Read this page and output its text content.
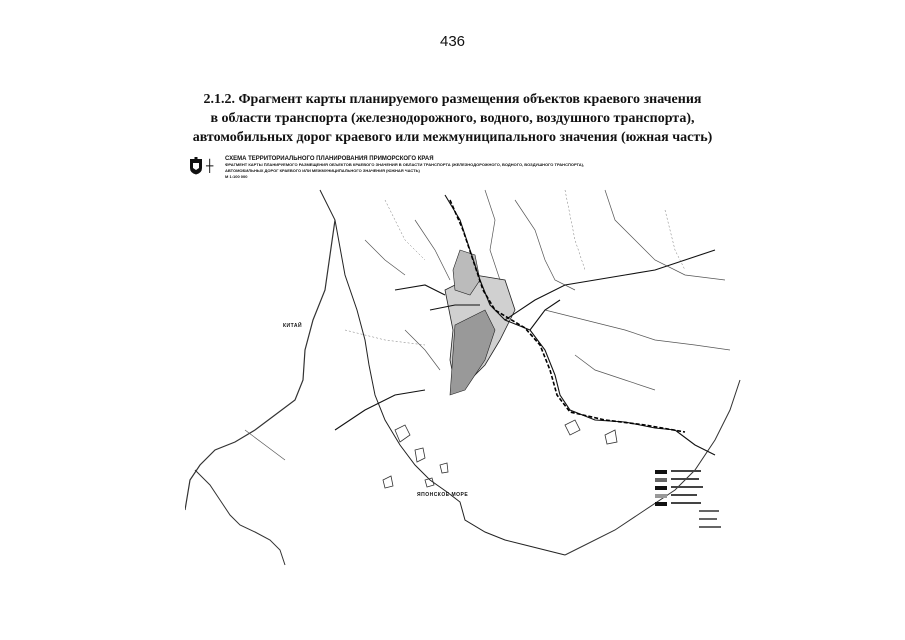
436
2.1.2. Фрагмент карты планируемого размещения объектов краевого значения
в области транспорта (железнодорожного, водного, воздушного транспорта),
автомобильных дорог краевого или межмуниципального значения (южная часть)
┼ СХЕМА ТЕРРИТОРИАЛЬНОГО ПЛАНИРОВАНИЯ ПРИМОРСКОГО КРАЯ
ФРАГМЕНТ КАРТЫ ПЛАНИРУЕМОГО РАЗМЕЩЕНИЯ ОБЪЕКТОВ КРАЕВОГО ЗНАЧЕНИЯ В ОБЛАСТИ ТРАНСПОРТА (ЖЕЛЕЗНОДОРОЖНОГО, ВОДНОГО, ВОЗДУШНОГО ТРАНСПОРТА),
АВТОМОБИЛЬНЫХ ДОРОГ КРАЕВОГО ИЛИ МЕЖМУНИЦИПАЛЬНОГО ЗНАЧЕНИЯ (ЮЖНАЯ ЧАСТЬ)
М 1:100 000
КИТАЙ
ЯПОНСКОЕ МОРЕ
